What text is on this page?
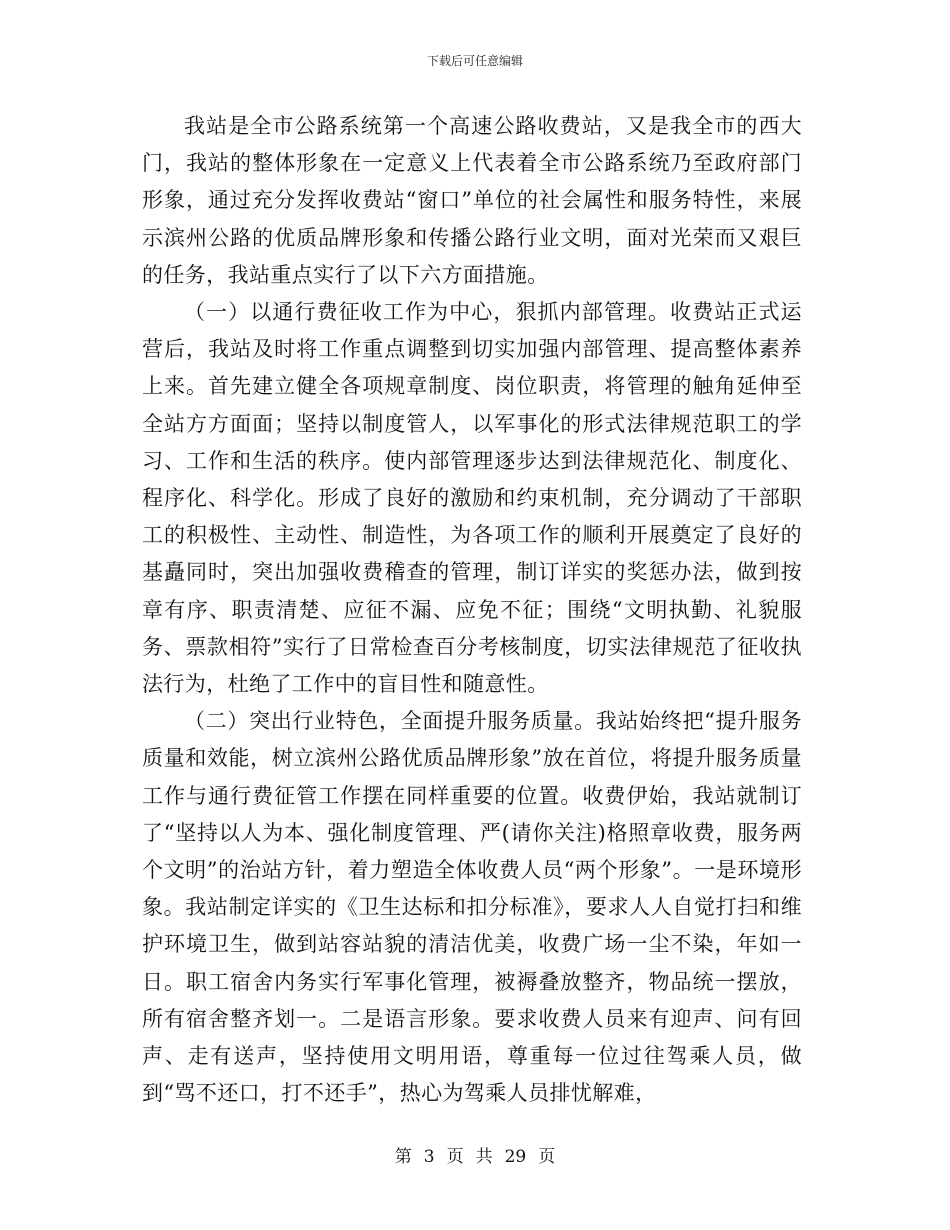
下载后可任意编辑

我站是全市公路系统第一个高速公路收费站，又是我全市的西大门，我站的整体形象在一定意义上代表着全市公路系统乃至政府部门形象，通过充分发挥收费站“窗口”单位的社会属性和服务特性，来展示滨州公路的优质品牌形象和传播公路行业文明，面对光荣而又艰巨的任务，我站重点实行了以下六方面措施。

（一）以通行费征收工作为中心，狠抓内部管理。收费站正式运营后，我站及时将工作重点调整到切实加强内部管理、提高整体素养上来。首先建立健全各项规章制度、岗位职责，将管理的触角延伸至全站方方面面；坚持以制度管人，以军事化的形式法律规范职工的学习、工作和生活的秩序。使内部管理逐步达到法律规范化、制度化、程序化、科学化。形成了良好的激励和约束机制，充分调动了干部职工的积极性、主动性、制造性，为各项工作的顺利开展奠定了良好的基矗同时，突出加强收费稽查的管理，制订详实的奖惩办法，做到按章有序、职责清楚、应征不漏、应免不征；围绕“文明执勤、礼貌服务、票款相符”实行了日常检查百分考核制度，切实法律规范了征收执法行为，杜绝了工作中的盲目性和随意性。

（二）突出行业特色，全面提升服务质量。我站始终把“提升服务质量和效能，树立滨州公路优质品牌形象”放在首位，将提升服务质量工作与通行费征管工作摆在同样重要的位置。收费伊始，我站就制订了“坚持以人为本、强化制度管理、严(请你关注)格照章收费，服务两个文明”的治站方针，着力塑造全体收费人员“两个形象”。一是环境形象。我站制定详实的《卫生达标和扣分标准》，要求人人自觉打扫和维护环境卫生，做到站容站貌的清洁优美，收费广场一尘不染，年如一日。职工宿舍内务实行军事化管理，被褥叠放整齐，物品统一摆放，所有宿舍整齐划一。二是语言形象。要求收费人员来有迎声、问有回声、走有送声，坚持使用文明用语，尊重每一位过往驾乘人员，做到“骂不还口，打不还手”，热心为驾乘人员排忧解难，

第 3 页 共 29 页
